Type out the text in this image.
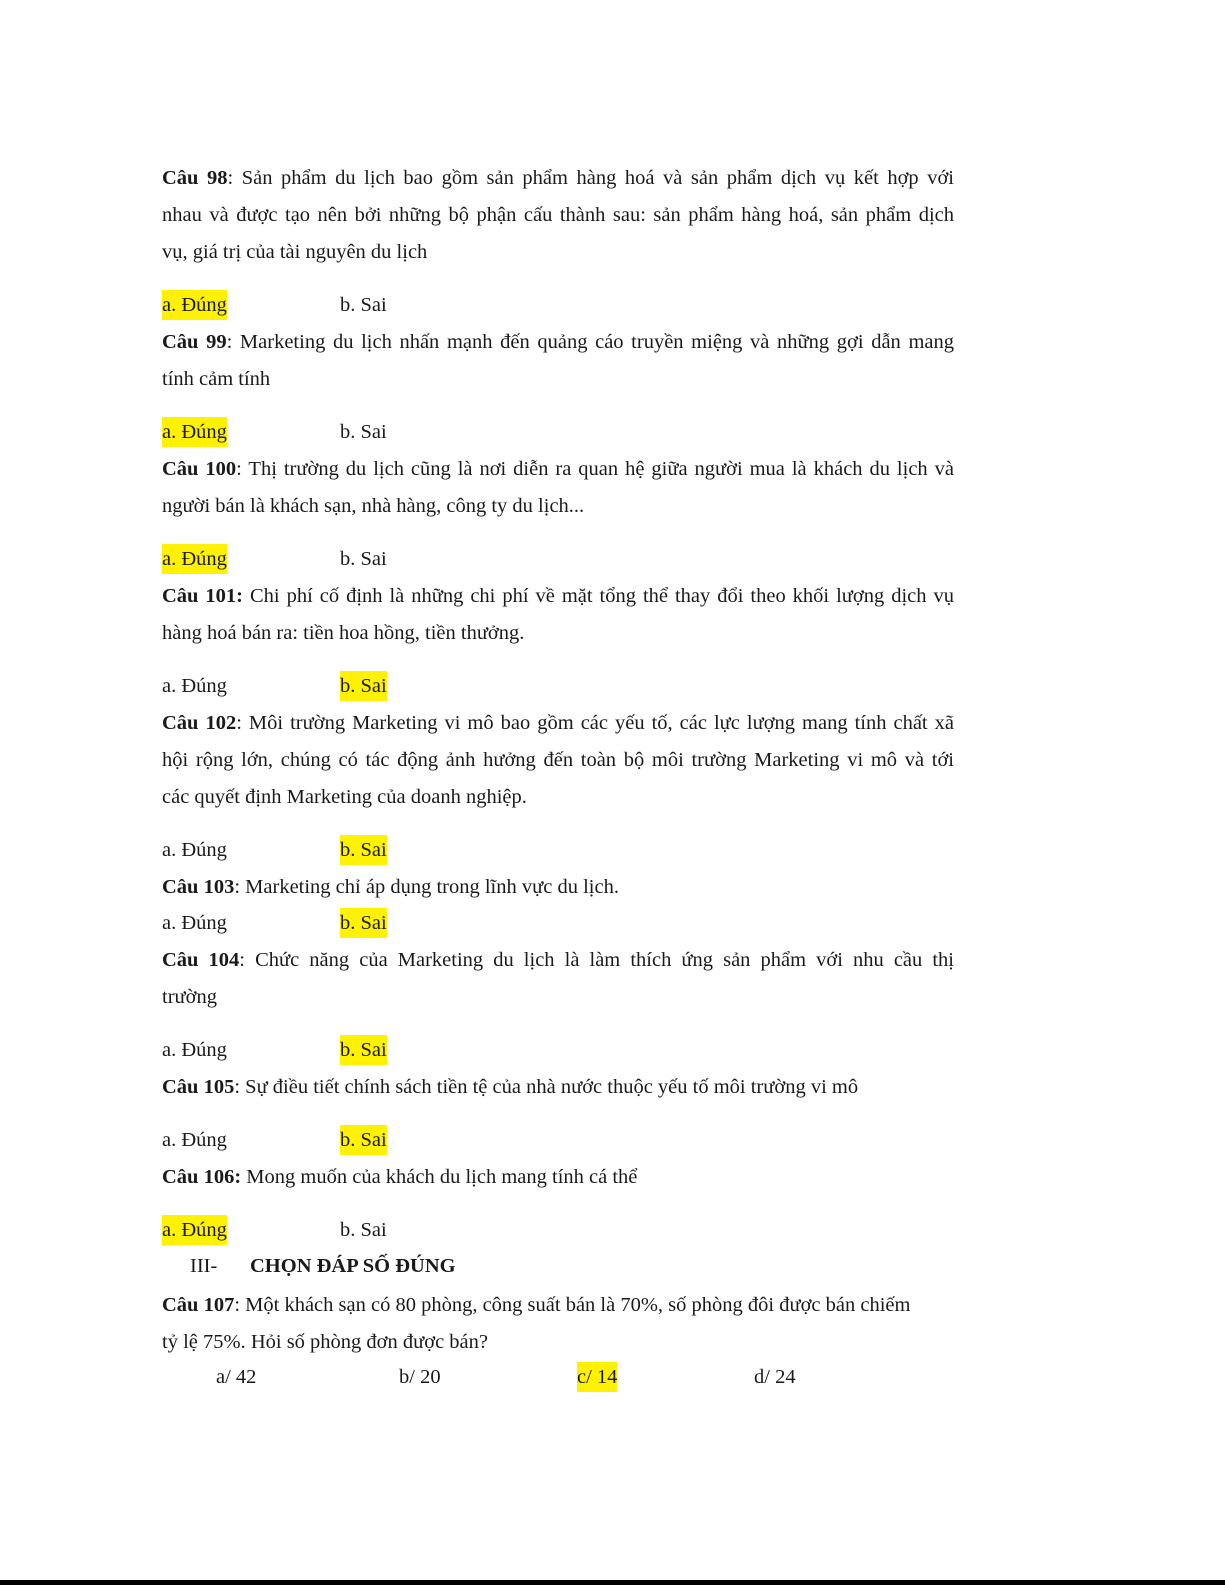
Câu 98: Sản phẩm du lịch bao gồm sản phẩm hàng hoá và sản phẩm dịch vụ kết hợp với
nhau và được tạo nên bởi những bộ phận cấu thành sau: sản phẩm hàng hoá, sản phẩm dịch
vụ, giá trị của tài nguyên du lịch
a. Đúng	b. Sai
Câu 99: Marketing du lịch nhấn mạnh đến quảng cáo truyền miệng và những gợi dẫn mang
tính cảm tính
a. Đúng	b. Sai
Câu 100: Thị trường du lịch cũng là nơi diễn ra quan hệ giữa người mua là khách du lịch và
người bán là khách sạn, nhà hàng, công ty du lịch...
a. Đúng	b. Sai
Câu 101: Chi phí cố định là những chi phí về mặt tổng thể thay đổi theo khối lượng dịch vụ
hàng hoá bán ra: tiền hoa hồng, tiền thưởng.
a. Đúng	b. Sai
Câu 102: Môi trường Marketing vi mô bao gồm các yếu tố, các lực lượng mang tính chất xã
hội rộng lớn, chúng có tác động ảnh hưởng đến toàn bộ môi trường Marketing vi mô và tới
các quyết định Marketing của doanh nghiệp.
a. Đúng	b. Sai
Câu 103: Marketing chỉ áp dụng trong lĩnh vực du lịch.
a. Đúng	b. Sai
Câu 104: Chức năng của Marketing du lịch là làm thích ứng sản phẩm với nhu cầu thị
trường
a. Đúng	b. Sai
Câu 105: Sự điều tiết chính sách tiền tệ của nhà nước thuộc yếu tố môi trường vi mô
a. Đúng	b. Sai
Câu 106: Mong muốn của khách du lịch mang tính cá thể
a. Đúng	b. Sai
III- CHỌN ĐÁP SỐ ĐÚNG
Câu 107: Một khách sạn có 80 phòng, công suất bán là 70%, số phòng đôi được bán chiếm
tỷ lệ 75%. Hỏi số phòng đơn được bán?
a/ 42	b/ 20	c/ 14	d/ 24
